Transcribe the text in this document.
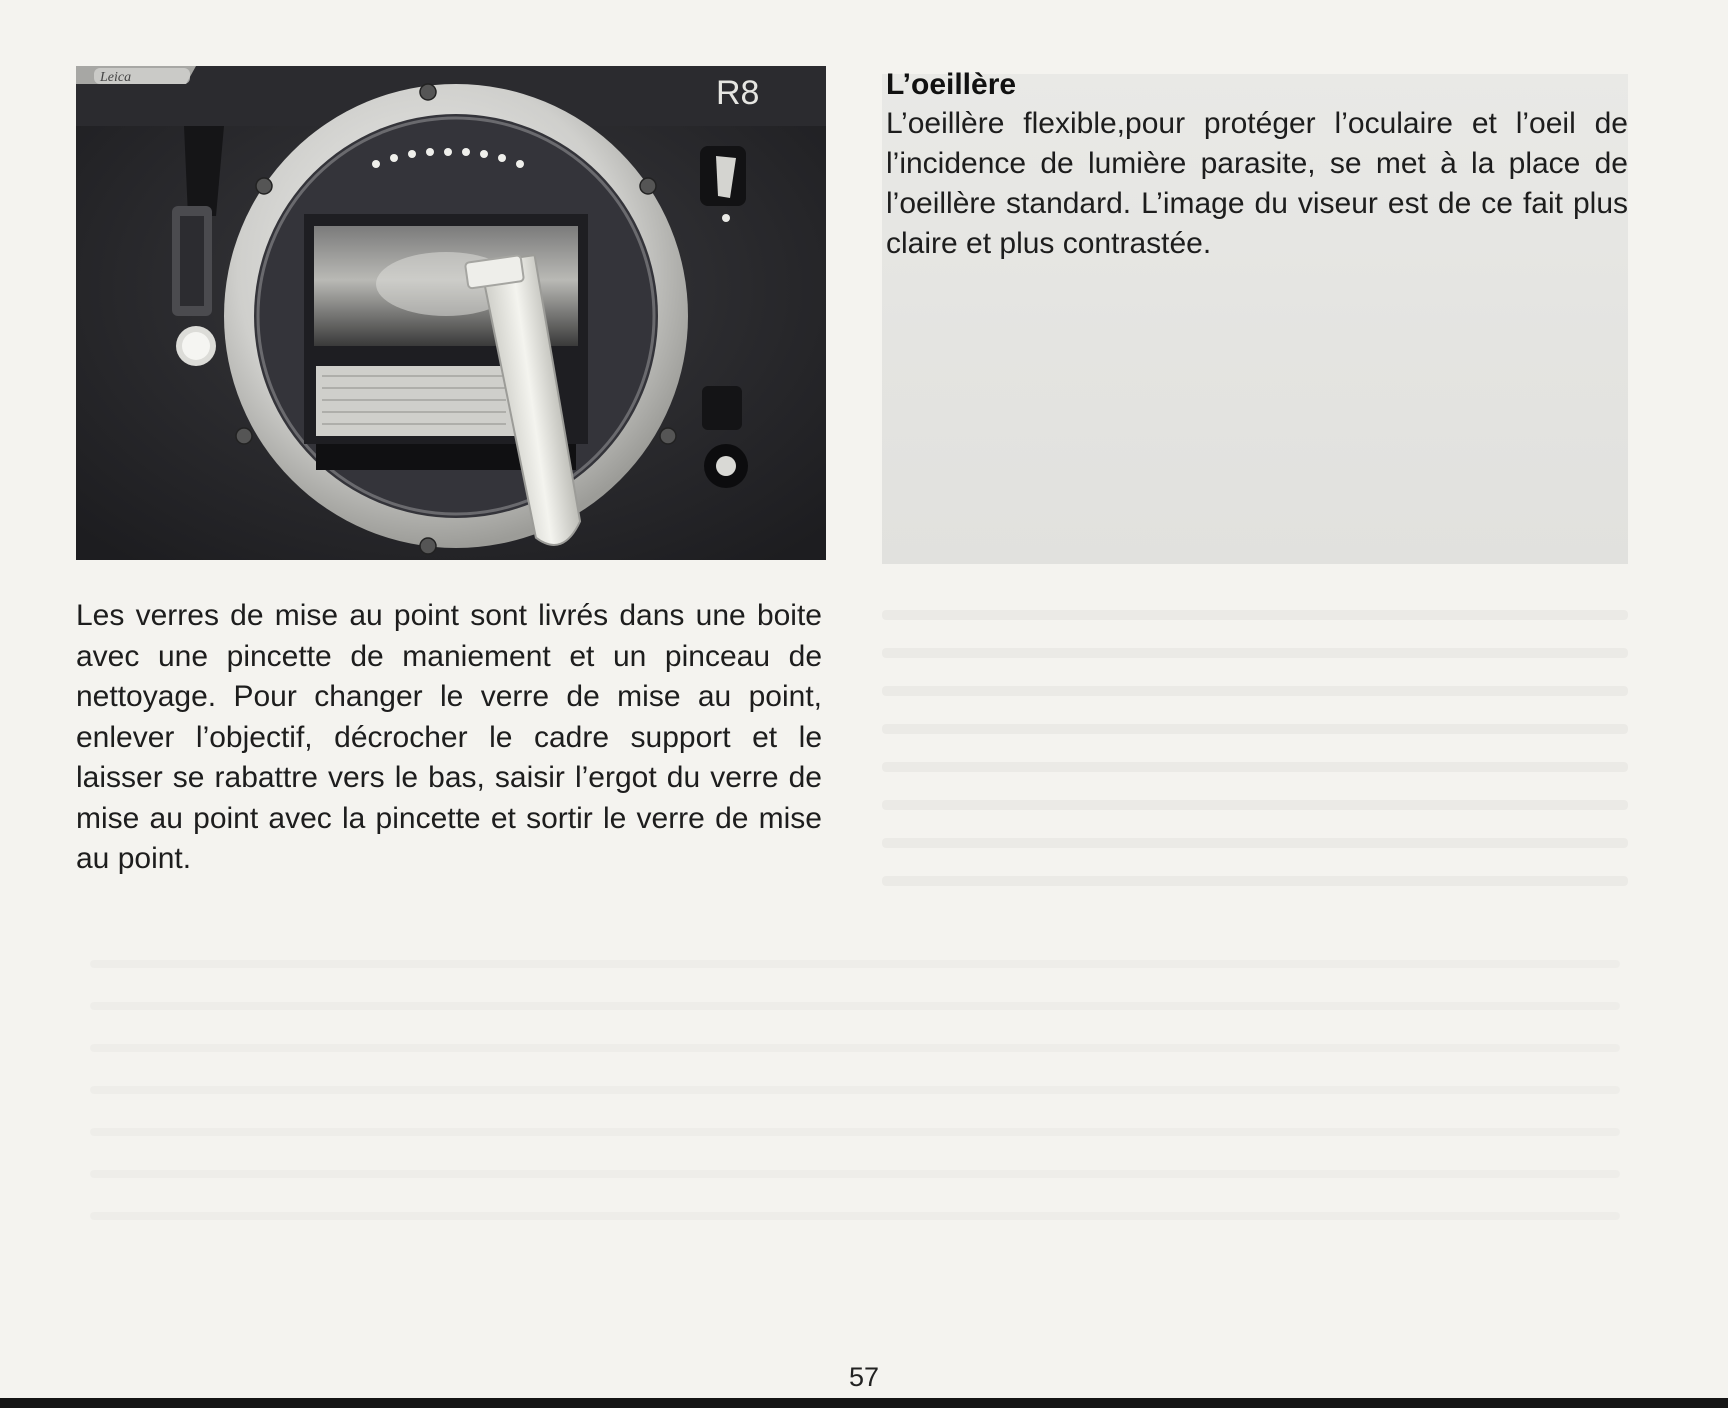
R8
Leica	L’oeillère

L’oeillère flexible,pour protéger l’oculaire et l’oeil de l’incidence de lumière parasite, se met à la place de l’oeillère standard. L’image du viseur est de ce fait plus claire et plus contrastée.

Les verres de mise au point sont livrés dans une boite avec une pincette de maniement et un pinceau de nettoyage. Pour changer le verre de mise au point, enlever l’objectif, décrocher le cadre support et le laisser se rabattre vers le bas, saisir l’ergot du verre de mise au point avec la pincette et sortir le verre de mise au point.

57
